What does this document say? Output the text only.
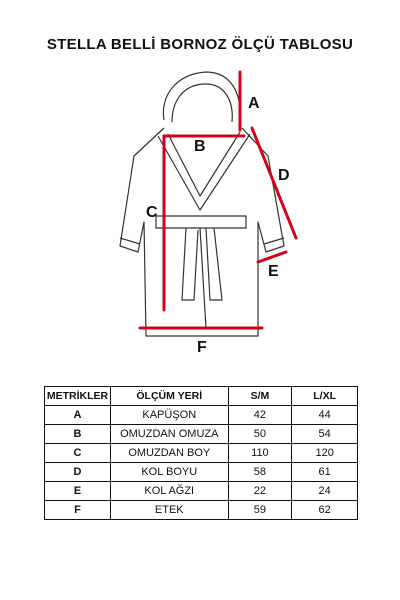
STELLA BELLİ BORNOZ ÖLÇÜ TABLOSU
A
B
C
D
E
F
METRİKLER	ÖLÇÜM YERİ	S/M	L/XL
A	KAPÜŞON	42	44
B	OMUZDAN OMUZA	50	54
C	OMUZDAN BOY	110	120
D	KOL BOYU	58	61
E	KOL AĞZI	22	24
F	ETEK	59	62
